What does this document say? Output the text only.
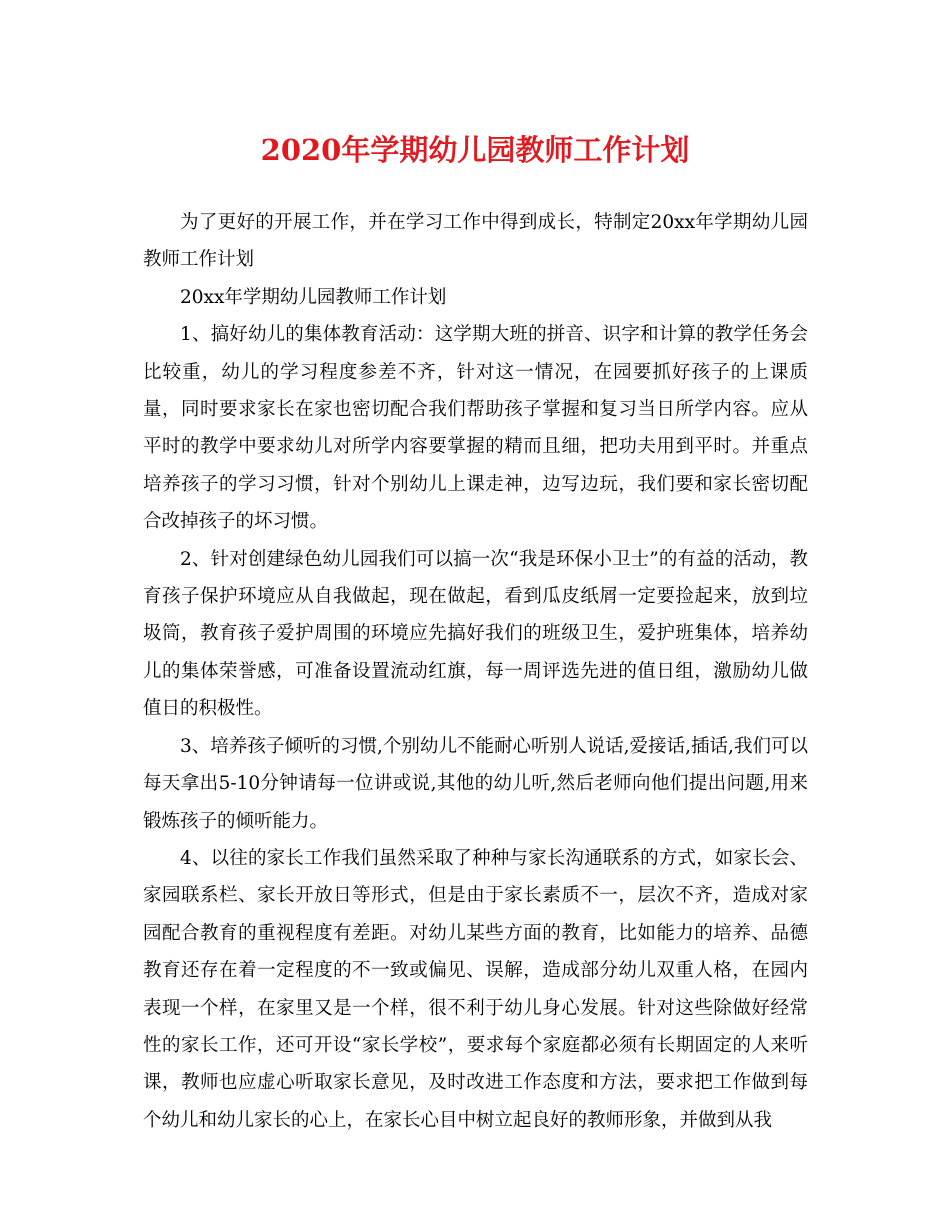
2020年学期幼儿园教师工作计划

为了更好的开展工作，并在学习工作中得到成长，特制定20xx年学期幼儿园教师工作计划

20xx年学期幼儿园教师工作计划

1、搞好幼儿的集体教育活动：这学期大班的拼音、识字和计算的教学任务会比较重，幼儿的学习程度参差不齐，针对这一情况，在园要抓好孩子的上课质量，同时要求家长在家也密切配合我们帮助孩子掌握和复习当日所学内容。应从平时的教学中要求幼儿对所学内容要掌握的精而且细，把功夫用到平时。并重点培养孩子的学习习惯，针对个别幼儿上课走神，边写边玩，我们要和家长密切配合改掉孩子的坏习惯。

2、针对创建绿色幼儿园我们可以搞一次“我是环保小卫士”的有益的活动，教育孩子保护环境应从自我做起，现在做起，看到瓜皮纸屑一定要捡起来，放到垃圾筒，教育孩子爱护周围的环境应先搞好我们的班级卫生，爱护班集体，培养幼儿的集体荣誉感，可准备设置流动红旗，每一周评选先进的值日组，激励幼儿做值日的积极性。

3、培养孩子倾听的习惯,个别幼儿不能耐心听别人说话,爱接话,插话,我们可以每天拿出5-10分钟请每一位讲或说,其他的幼儿听,然后老师向他们提出问题,用来锻炼孩子的倾听能力。

4、以往的家长工作我们虽然采取了种种与家长沟通联系的方式，如家长会、家园联系栏、家长开放日等形式，但是由于家长素质不一，层次不齐，造成对家园配合教育的重视程度有差距。对幼儿某些方面的教育，比如能力的培养、品德教育还存在着一定程度的不一致或偏见、误解，造成部分幼儿双重人格，在园内表现一个样，在家里又是一个样，很不利于幼儿身心发展。针对这些除做好经常性的家长工作，还可开设“家长学校”，要求每个家庭都必须有长期固定的人来听课，教师也应虚心听取家长意见，及时改进工作态度和方法，要求把工作做到每个幼儿和幼儿家长的心上，在家长心目中树立起良好的教师形象，并做到从我
